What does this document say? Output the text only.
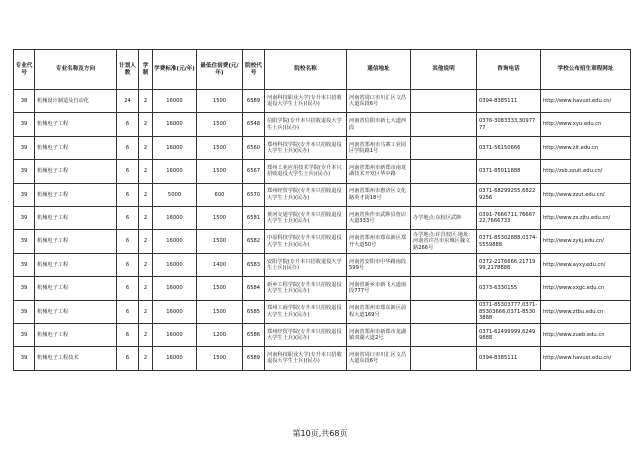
专业代号	专业名称及方向	计划人数	学制	学费标准(元/年)	最低住宿费(元/年)	院校代号	院校名称	通信地址	其他说明	咨询电话	学校公布招生章程网址
38	机械设计制造及自动化	24	2	16000	1500	6589	河南科技职业大学(专升本只招收退役大学生士兵)(民办)	河南省周口市川汇区文昌大道东段6号		0394-8385111	http://www.havust.edu.cn/
39	机械电子工程	6	2	16000	1500	6548	信阳学院(专升本只招收退役大学生士兵)(民办)	河南省信阳市新七大道西段		0376-3083333,3097777	http://www.xyu.edu.cn
39	机械电子工程	6	2	16000	1500	6560	郑州科技学院(专升本只招收退役大学生士兵)(民办)	河南省郑州市马寨工业园区学院路1号		0371-56150666	http://www.zit.edu.cn
39	机械电子工程	6	2	16000	1500	6567	郑州工业应用技术学院(专升本只招收退役大学生士兵)(民办)	河南省郑州市新郑市南龙湖技术开发区华中路		0371-85011888	http://zsb.zzuit.edu.cn/
39	机械电子工程	6	2	5000	600	6570	郑州经贸学院(专升本只招收退役大学生士兵)(民办)	河南省郑州市惠济区文化路英才街18号		0371-68299255,68229256	http://www.zzut.edu.cn/
39	机械电子工程	6	2	16000	1500	6581	黄河交通学院(专升本只招收退役大学生士兵)(民办)	河南省焦作市武陟县詹店大道333号	办学地点:东校区武陟	0391-7666711,7666722,7666733	http://www.zs.zjtu.edu.cn/
39	机械电子工程	6	2	16000	1500	6582	中原科技学院(专升本只招收退役大学生士兵)(民办)	河南省郑州市郑东新区郑开大道50号	办学地点:许昌校区 地址:河南省许昌市东城区魏文路266号	0371-85302888,0374-5559888	http://www.zykj.edu.cn/
39	机械电子工程	6	2	16000	1400	6583	安阳学院(专升本只招收退役大学生士兵)(民办)	河南省安阳市中华路南段599号		0372-2176666,2171999,2178888	http://www.ayxy.edu.cn/
39	机械电子工程	6	2	16000	1500	6584	新乡工程学院(专升本只招收退役大学生士兵)(民办)	河南省新乡市新飞大道南段777号		0373-6330155	http://www.xxgc.edu.cn
39	机械电子工程	6	2	16000	1500	6585	郑州工商学院(专升本只招收退役大学生士兵)(民办)	河南省郑州市郑东新区前程大道169号		0371-85303777,0371-85303666,0371-85303888	http://www.ztbu.edu.cn
39	机械电子工程	6	2	16000	1200	6586	郑州经贸学院(专升本只招收退役大学生士兵)(民办)	河南省郑州市新郑市龙湖镇双湖大道2号		0371-62499999,62499888	http://www.zueb.edu.cn
39	机械电子工程技术	6	2	16000	1500	6589	河南科技职业大学(专升本只招收退役大学生士兵)(民办)	河南省周口市川汇区文昌大道东段6号		0394-8385111	http://www.havust.edu.cn/
第10页,共68页
